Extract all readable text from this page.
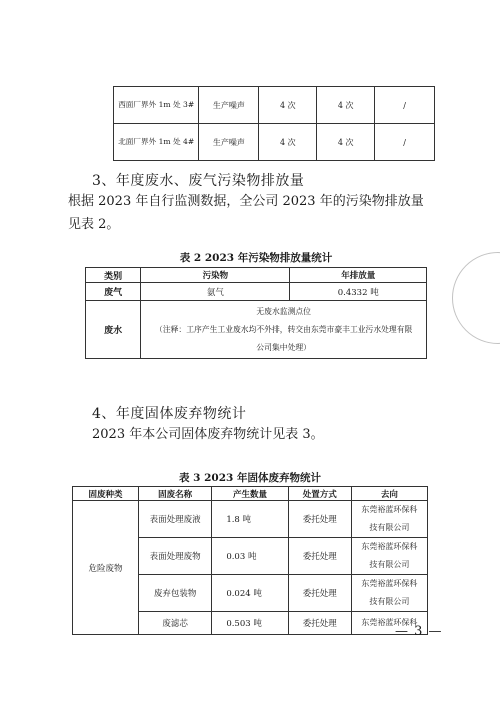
西面厂界外 1m 处 3#	生产噪声	4 次	4 次	/
北面厂界外 1m 处 4#	生产噪声	4 次	4 次	/
3、年度废水、废气污染物排放量

根据 2023 年自行监测数据，全公司 2023 年的污染物排放量

见表 2。

表 2 2023 年污染物排放量统计
类别	污染物	年排放量
废气	氨气	0.4332 吨
废水	无废水监测点位
（注释：工序产生工业废水均不外排，转交由东莞市豪丰工业污水处理有限
公司集中处理）	
4、年度固体废弃物统计

2023 年本公司固体废弃物统计见表 3。

表 3 2023 年固体废弃物统计
固废种类	固废名称	产生数量	处置方式	去向
危险废物	表面处理废液	1.8 吨	委托处理	东莞裕蓝环保科
技有限公司

	表面处理废物	0.03 吨	委托处理	东莞裕蓝环保科
技有限公司

	废弃包装物	0.024 吨	委托处理	东莞裕蓝环保科
技有限公司

	废滤芯	0.503 吨	委托处理	东莞裕蓝环保科
— 3 —
